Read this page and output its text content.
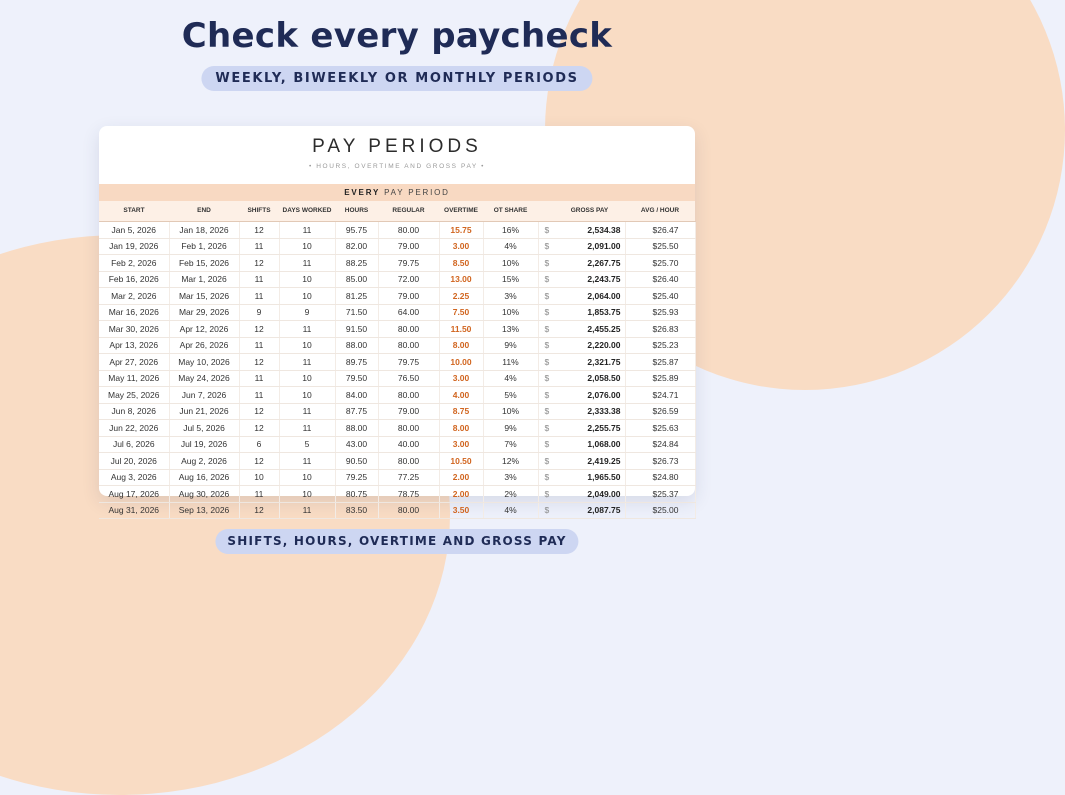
Check every paycheck
WEEKLY, BIWEEKLY OR MONTHLY PERIODS
PAY PERIODS
• HOURS, OVERTIME AND GROSS PAY •
EVERY PAY PERIOD
START	END	SHIFTS	DAYS WORKED	HOURS	REGULAR	OVERTIME	OT SHARE		GROSS PAY	AVG / HOUR
Jan 5, 2026	Jan 18, 2026	12	11	95.75	80.00	15.75	16%	$	2,534.38	$26.47
Jan 19, 2026	Feb 1, 2026	11	10	82.00	79.00	3.00	4%	$	2,091.00	$25.50
Feb 2, 2026	Feb 15, 2026	12	11	88.25	79.75	8.50	10%	$	2,267.75	$25.70
Feb 16, 2026	Mar 1, 2026	11	10	85.00	72.00	13.00	15%	$	2,243.75	$26.40
Mar 2, 2026	Mar 15, 2026	11	10	81.25	79.00	2.25	3%	$	2,064.00	$25.40
Mar 16, 2026	Mar 29, 2026	9	9	71.50	64.00	7.50	10%	$	1,853.75	$25.93
Mar 30, 2026	Apr 12, 2026	12	11	91.50	80.00	11.50	13%	$	2,455.25	$26.83
Apr 13, 2026	Apr 26, 2026	11	10	88.00	80.00	8.00	9%	$	2,220.00	$25.23
Apr 27, 2026	May 10, 2026	12	11	89.75	79.75	10.00	11%	$	2,321.75	$25.87
May 11, 2026	May 24, 2026	11	10	79.50	76.50	3.00	4%	$	2,058.50	$25.89
May 25, 2026	Jun 7, 2026	11	10	84.00	80.00	4.00	5%	$	2,076.00	$24.71
Jun 8, 2026	Jun 21, 2026	12	11	87.75	79.00	8.75	10%	$	2,333.38	$26.59
Jun 22, 2026	Jul 5, 2026	12	11	88.00	80.00	8.00	9%	$	2,255.75	$25.63
Jul 6, 2026	Jul 19, 2026	6	5	43.00	40.00	3.00	7%	$	1,068.00	$24.84
Jul 20, 2026	Aug 2, 2026	12	11	90.50	80.00	10.50	12%	$	2,419.25	$26.73
Aug 3, 2026	Aug 16, 2026	10	10	79.25	77.25	2.00	3%	$	1,965.50	$24.80
Aug 17, 2026	Aug 30, 2026	11	10	80.75	78.75	2.00	2%	$	2,049.00	$25.37
Aug 31, 2026	Sep 13, 2026	12	11	83.50	80.00	3.50	4%	$	2,087.75	$25.00
SHIFTS, HOURS, OVERTIME AND GROSS PAY
